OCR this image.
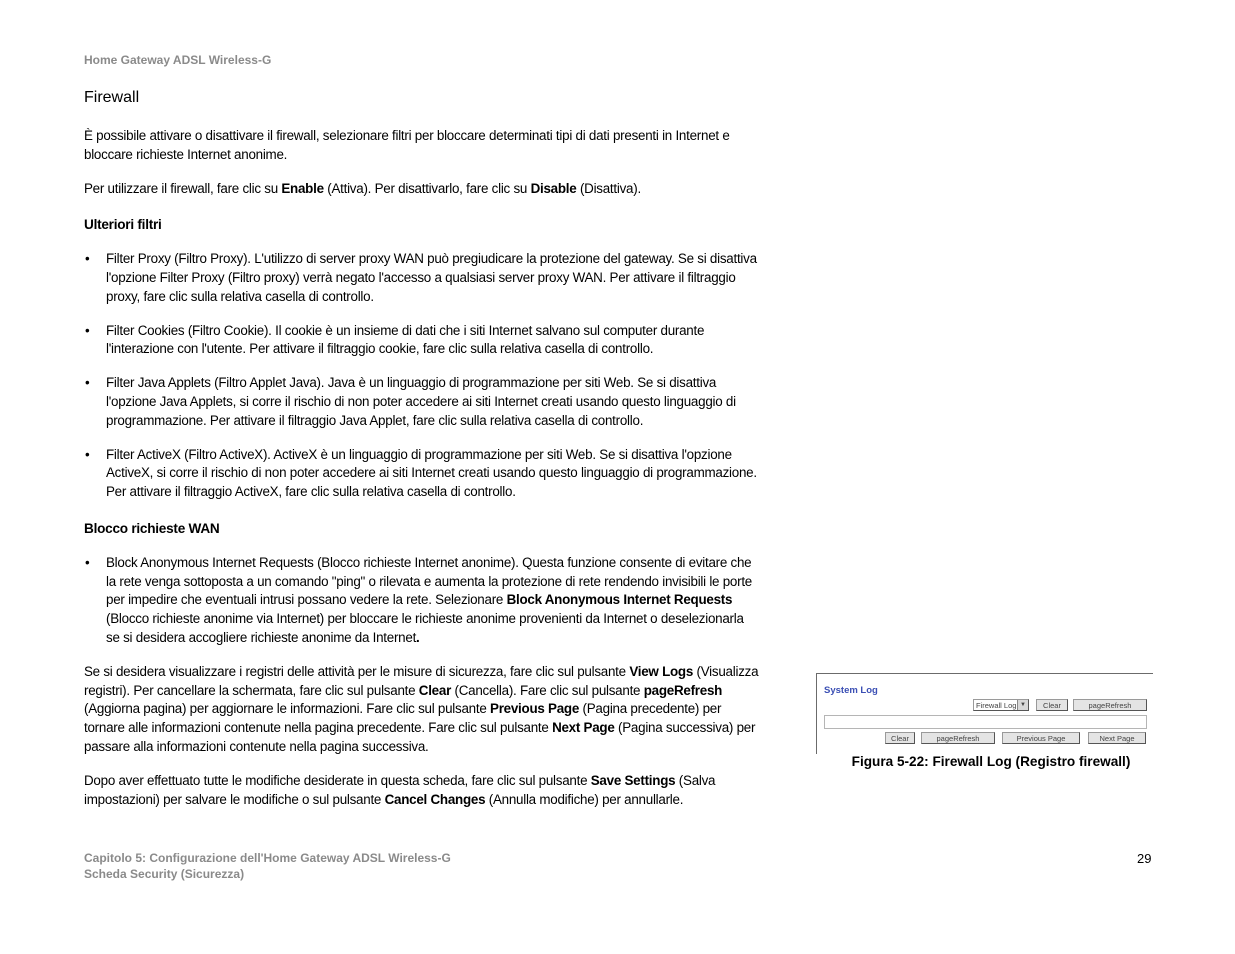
Home Gateway ADSL Wireless-G
Firewall

È possibile attivare o disattivare il firewall, selezionare filtri per bloccare determinati tipi di dati presenti in Internet e bloccare richieste Internet anonime.

Per utilizzare il firewall, fare clic su Enable (Attiva). Per disattivarlo, fare clic su Disable (Disattiva).

Ulteriori filtri
• Filter Proxy (Filtro Proxy). L'utilizzo di server proxy WAN può pregiudicare la protezione del gateway. Se si disattiva l'opzione Filter Proxy (Filtro proxy) verrà negato l'accesso a qualsiasi server proxy WAN. Per attivare il filtraggio proxy, fare clic sulla relativa casella di controllo.
• Filter Cookies (Filtro Cookie). Il cookie è un insieme di dati che i siti Internet salvano sul computer durante l'interazione con l'utente. Per attivare il filtraggio cookie, fare clic sulla relativa casella di controllo.
• Filter Java Applets (Filtro Applet Java). Java è un linguaggio di programmazione per siti Web. Se si disattiva l'opzione Java Applets, si corre il rischio di non poter accedere ai siti Internet creati usando questo linguaggio di programmazione. Per attivare il filtraggio Java Applet, fare clic sulla relativa casella di controllo.
• Filter ActiveX (Filtro ActiveX). ActiveX è un linguaggio di programmazione per siti Web. Se si disattiva l'opzione ActiveX, si corre il rischio di non poter accedere ai siti Internet creati usando questo linguaggio di programmazione. Per attivare il filtraggio ActiveX, fare clic sulla relativa casella di controllo.
Blocco richieste WAN
• Block Anonymous Internet Requests (Blocco richieste Internet anonime). Questa funzione consente di evitare che la rete venga sottoposta a un comando "ping" o rilevata e aumenta la protezione di rete rendendo invisibili le porte per impedire che eventuali intrusi possano vedere la rete. Selezionare Block Anonymous Internet Requests (Blocco richieste anonime via Internet) per bloccare le richieste anonime provenienti da Internet o deselezionarla se si desidera accogliere richieste anonime da Internet.

Se si desidera visualizzare i registri delle attività per le misure di sicurezza, fare clic sul pulsante View Logs (Visualizza registri). Per cancellare la schermata, fare clic sul pulsante Clear (Cancella). Fare clic sul pulsante pageRefresh (Aggiorna pagina) per aggiornare le informazioni. Fare clic sul pulsante Previous Page (Pagina precedente) per tornare alle informazioni contenute nella pagina precedente. Fare clic sul pulsante Next Page (Pagina successiva) per passare alla informazioni contenute nella pagina successiva.

Dopo aver effettuato tutte le modifiche desiderate in questa scheda, fare clic sul pulsante Save Settings (Salva impostazioni) per salvare le modifiche o sul pulsante Cancel Changes (Annulla modifiche) per annullarle.

System Log
Firewall Log ▼	Clear	pageRefresh
Clear	pageRefresh	Previous Page	Next Page
Figura 5-22: Firewall Log (Registro firewall)
Capitolo 5: Configurazione dell'Home Gateway ADSL Wireless-G
Scheda Security (Sicurezza)
29
